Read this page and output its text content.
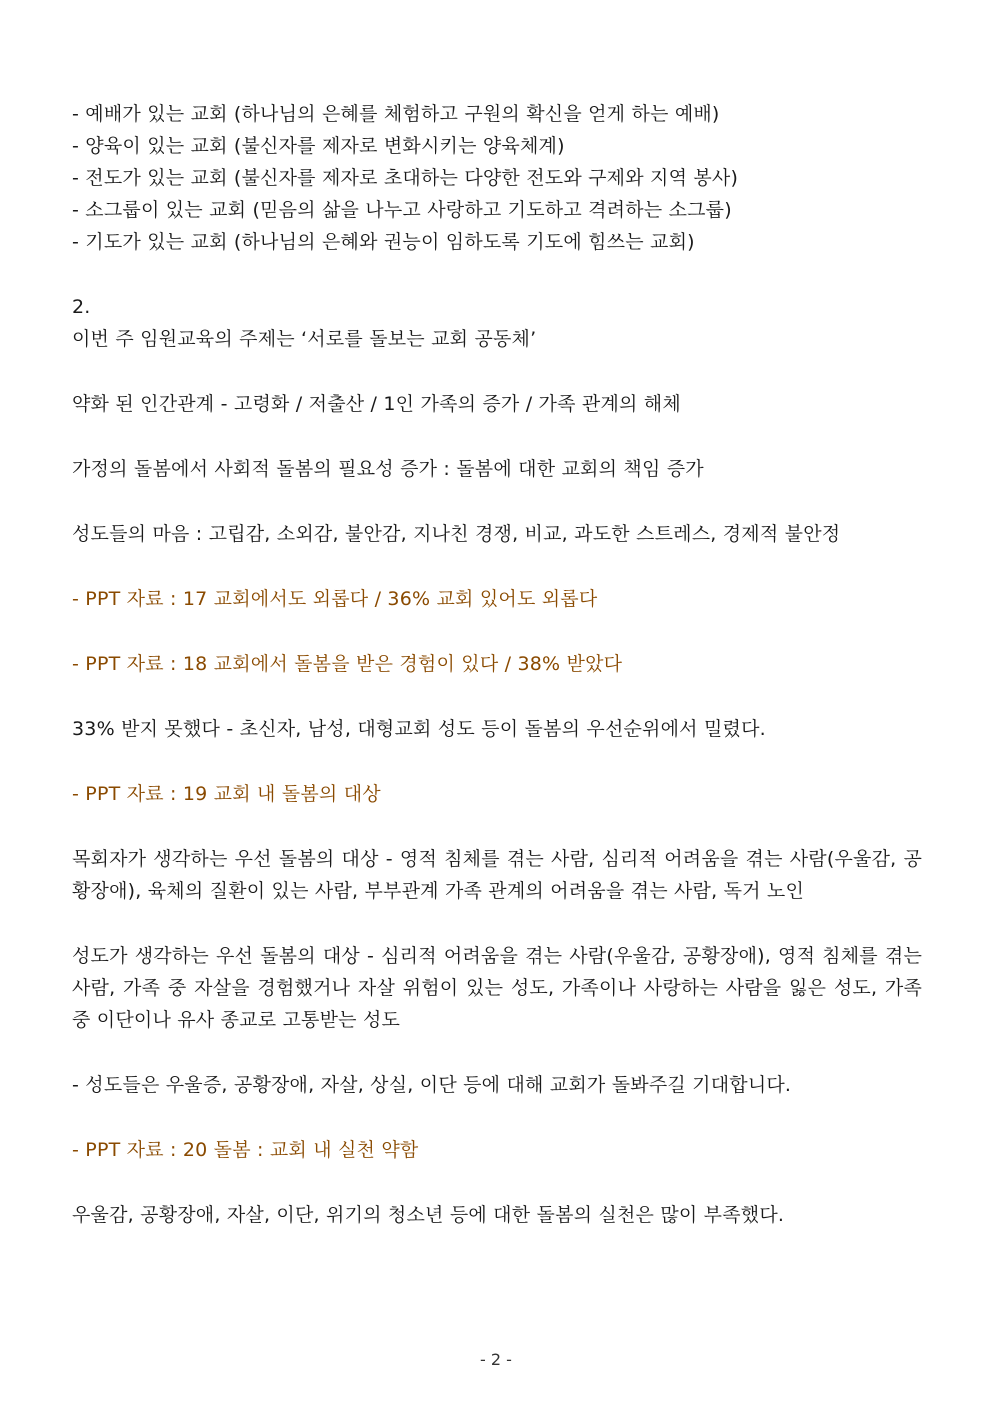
- 예배가 있는 교회 (하나님의 은혜를 체험하고 구원의 확신을 얻게 하는 예배)

- 양육이 있는 교회 (불신자를 제자로 변화시키는 양육체계)

- 전도가 있는 교회 (불신자를 제자로 초대하는 다양한 전도와 구제와 지역 봉사)

- 소그룹이 있는 교회 (믿음의 삶을 나누고 사랑하고 기도하고 격려하는 소그룹)

- 기도가 있는 교회 (하나님의 은혜와 권능이 임하도록 기도에 힘쓰는 교회)

2.

이번 주 임원교육의 주제는 ‘서로를 돌보는 교회 공동체’

약화 된 인간관계 - 고령화 / 저출산 / 1인 가족의 증가 / 가족 관계의 해체

가정의 돌봄에서 사회적 돌봄의 필요성 증가 : 돌봄에 대한 교회의 책임 증가

성도들의 마음 : 고립감, 소외감, 불안감, 지나친 경쟁, 비교, 과도한 스트레스, 경제적 불안정

- PPT 자료 : 17 교회에서도 외롭다 / 36% 교회 있어도 외롭다

- PPT 자료 : 18 교회에서 돌봄을 받은 경험이 있다 / 38% 받았다

33% 받지 못했다 - 초신자, 남성, 대형교회 성도 등이 돌봄의 우선순위에서 밀렸다.

- PPT 자료 : 19 교회 내 돌봄의 대상

목회자가 생각하는 우선 돌봄의 대상 - 영적 침체를 겪는 사람, 심리적 어려움을 겪는 사람(우울감, 공황장애), 육체의 질환이 있는 사람, 부부관계 가족 관계의 어려움을 겪는 사람, 독거 노인

성도가 생각하는 우선 돌봄의 대상 - 심리적 어려움을 겪는 사람(우울감, 공황장애), 영적 침체를 겪는 사람, 가족 중 자살을 경험했거나 자살 위험이 있는 성도, 가족이나 사랑하는 사람을 잃은 성도, 가족 중 이단이나 유사 종교로 고통받는 성도

- 성도들은 우울증, 공황장애, 자살, 상실, 이단 등에 대해 교회가 돌봐주길 기대합니다.

- PPT 자료 : 20 돌봄 : 교회 내 실천 약함

우울감, 공황장애, 자살, 이단, 위기의 청소년 등에 대한 돌봄의 실천은 많이 부족했다.

- 2 -
